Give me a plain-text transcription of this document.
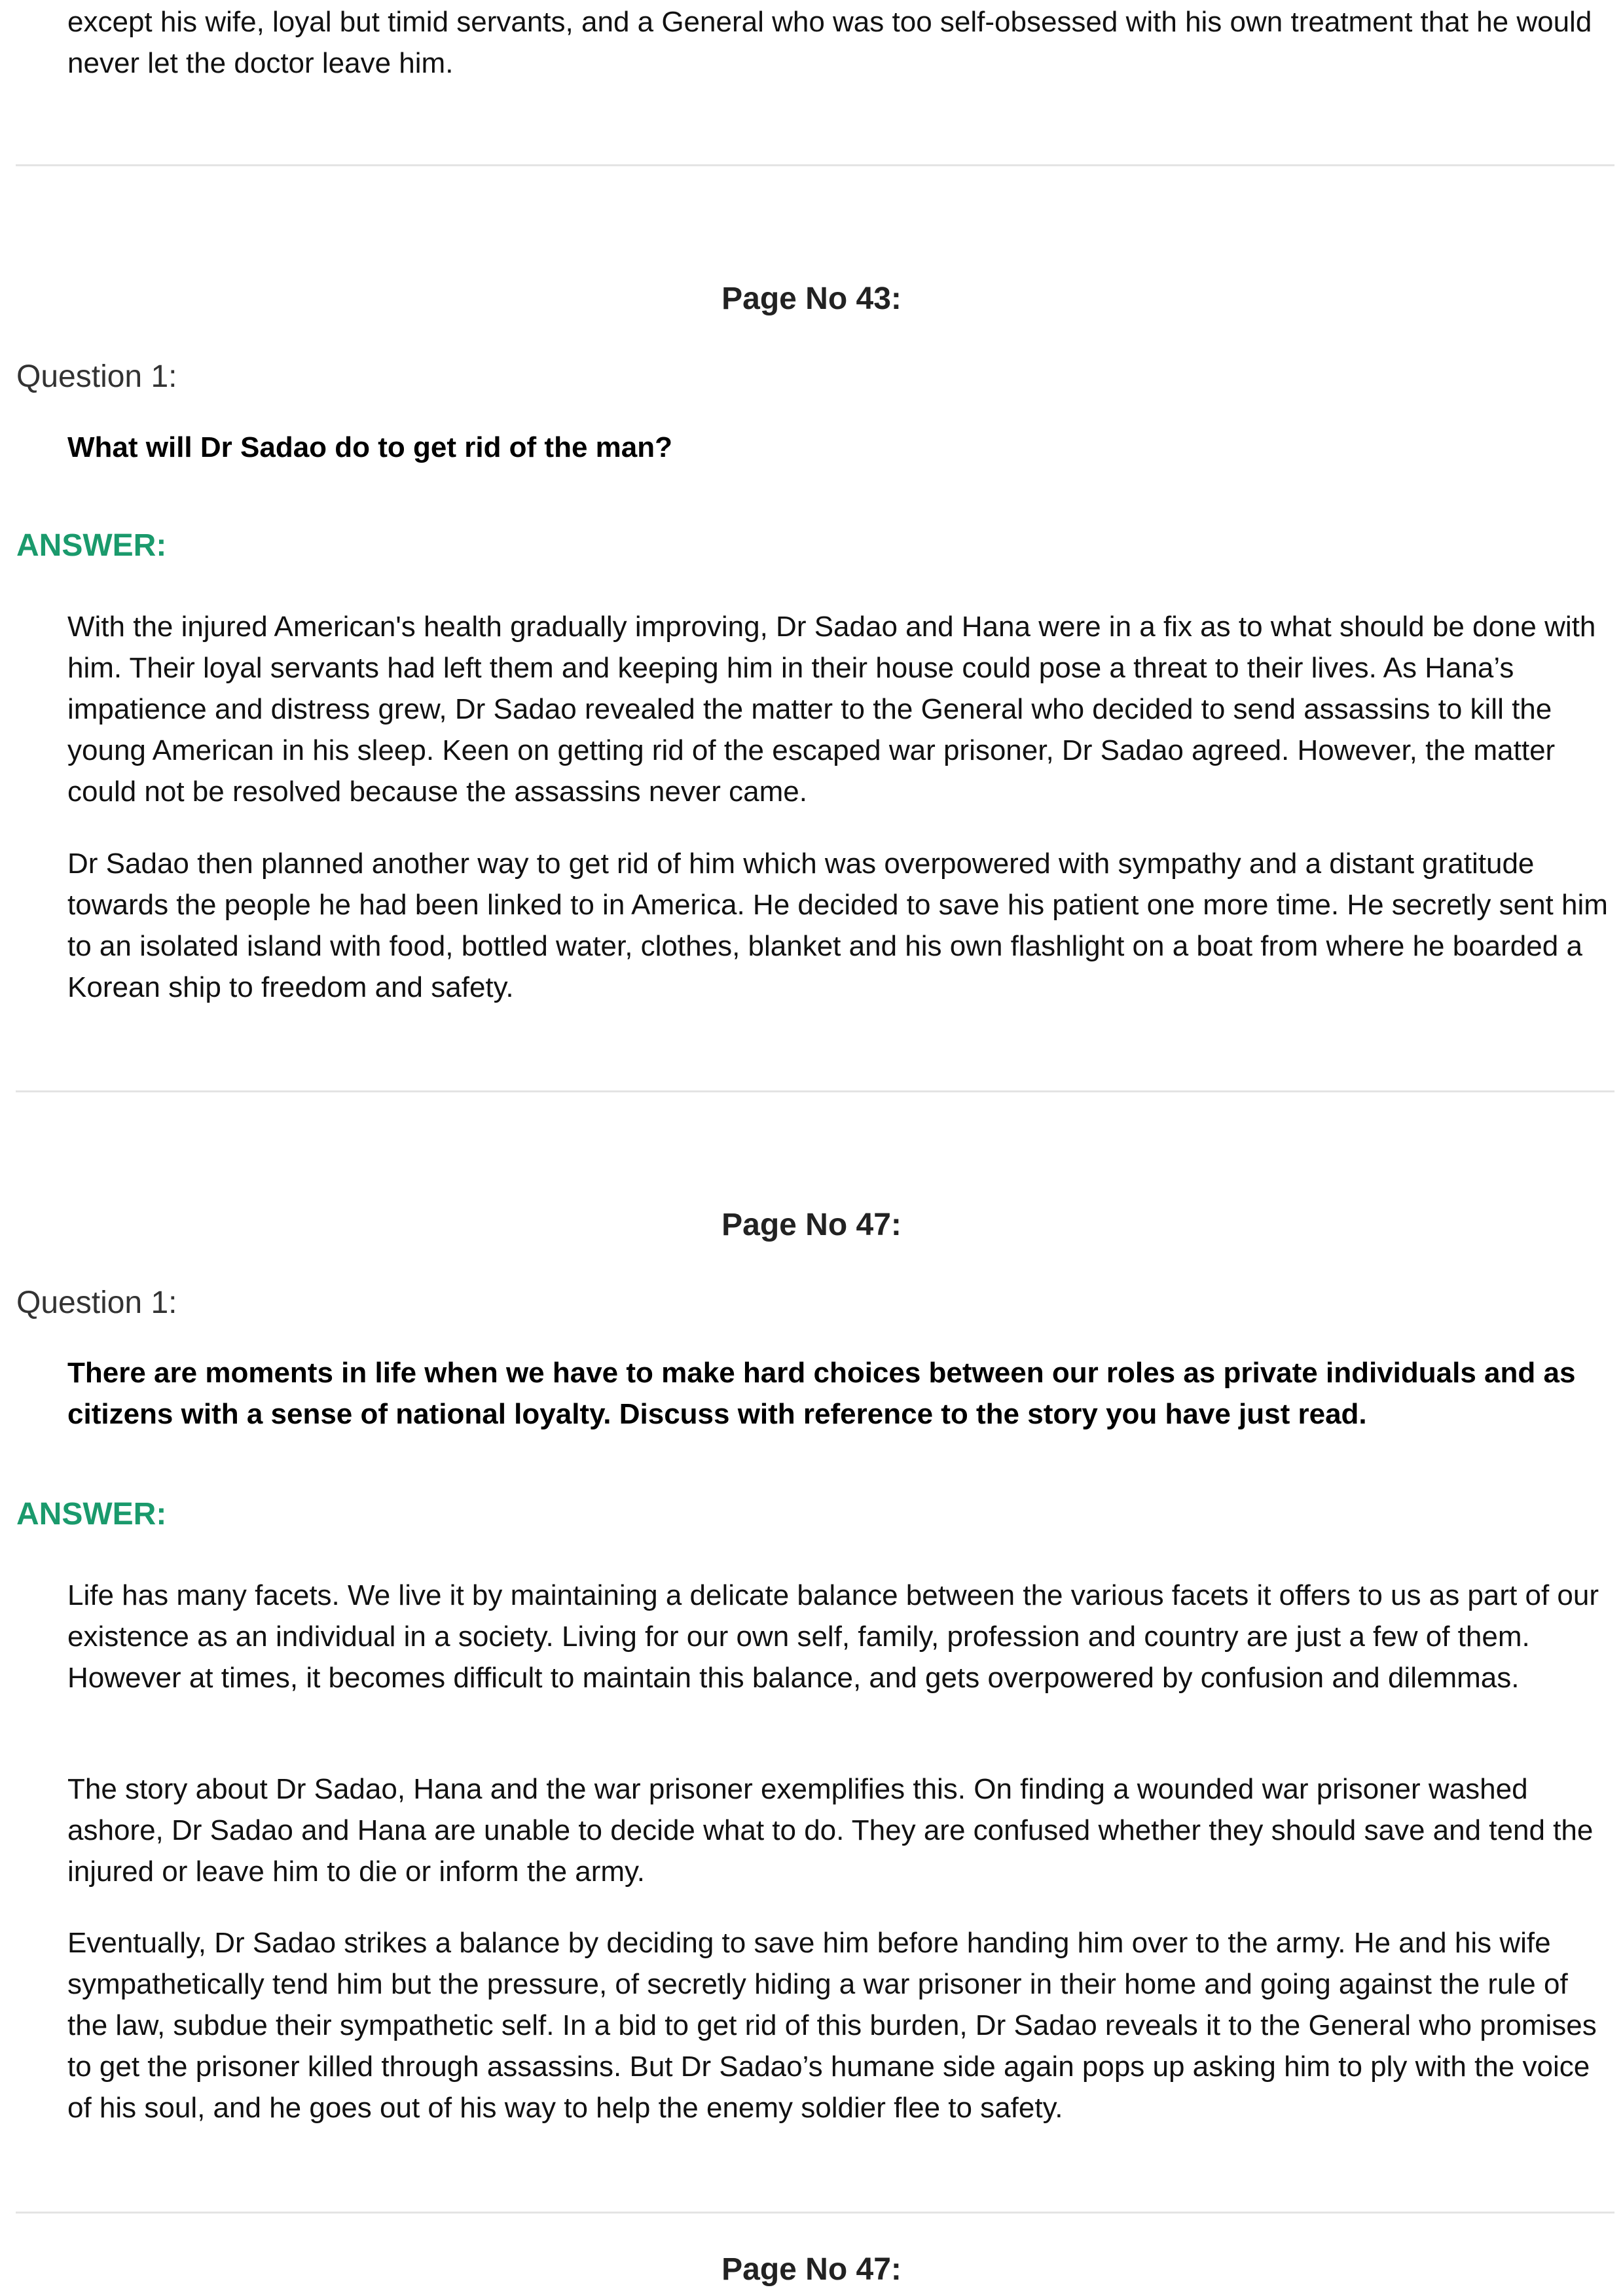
except his wife, loyal but timid servants, and a General who was too self-obsessed with his own treatment that he would never let the doctor leave him.

Page No 43:
Question 1:
What will Dr Sadao do to get rid of the man?
ANSWER:

With the injured American's health gradually improving, Dr Sadao and Hana were in a fix as to what should be done with him. Their loyal servants had left them and keeping him in their house could pose a threat to their lives. As Hana’s impatience and distress grew, Dr Sadao revealed the matter to the General who decided to send assassins to kill the young American in his sleep. Keen on getting rid of the escaped war prisoner, Dr Sadao agreed. However, the matter could not be resolved because the assassins never came.

Dr Sadao then planned another way to get rid of him which was overpowered with sympathy and a distant gratitude towards the people he had been linked to in America. He decided to save his patient one more time. He secretly sent him to an isolated island with food, bottled water, clothes, blanket and his own flashlight on a boat from where he boarded a Korean ship to freedom and safety.

Page No 47:
Question 1:
There are moments in life when we have to make hard choices between our roles as private individuals and as citizens with a sense of national loyalty. Discuss with reference to the story you have just read.
ANSWER:

Life has many facets. We live it by maintaining a delicate balance between the various facets it offers to us as part of our existence as an individual in a society. Living for our own self, family, profession and country are just a few of them. However at times, it becomes difficult to maintain this balance, and gets overpowered by confusion and dilemmas.

The story about Dr Sadao, Hana and the war prisoner exemplifies this. On finding a wounded war prisoner washed ashore, Dr Sadao and Hana are unable to decide what to do. They are confused whether they should save and tend the injured or leave him to die or inform the army.

Eventually, Dr Sadao strikes a balance by deciding to save him before handing him over to the army. He and his wife sympathetically tend him but the pressure, of secretly hiding a war prisoner in their home and going against the rule of the law, subdue their sympathetic self. In a bid to get rid of this burden, Dr Sadao reveals it to the General who promises to get the prisoner killed through assassins. But Dr Sadao’s humane side again pops up asking him to ply with the voice of his soul, and he goes out of his way to help the enemy soldier flee to safety.

Page No 47:
